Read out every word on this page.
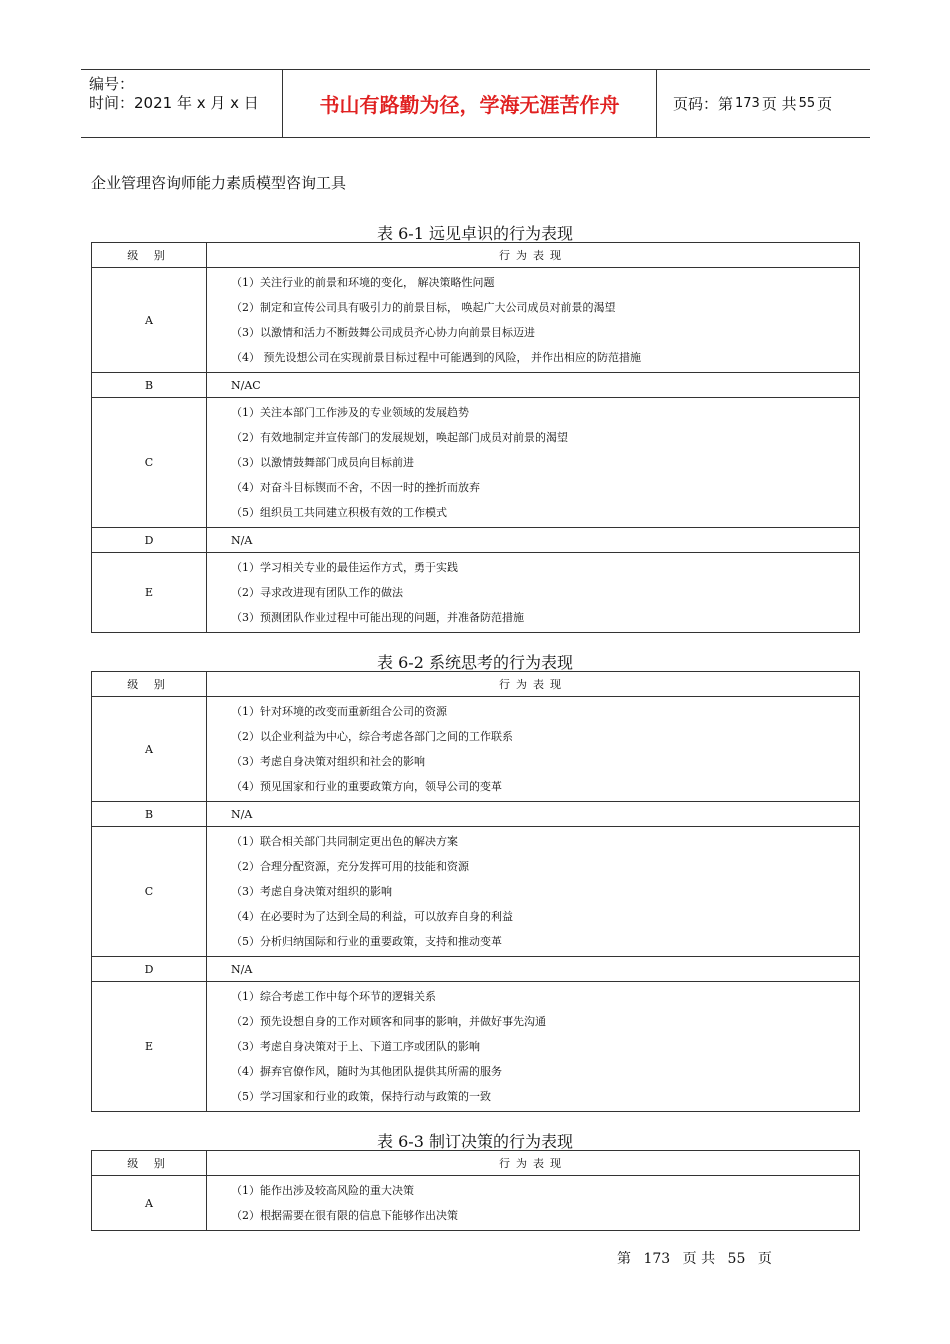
编号：
时间：2021 年 x 月 x 日	书山有路勤为径，学海无涯苦作舟	页码：第 173 页 共 55 页
企业管理咨询师能力素质模型咨询工具
表 6-1 远见卓识的行为表现
级 别	行为表现
A	（1）关注行业的前景和环境的变化， 解决策略性问题
（2）制定和宣传公司具有吸引力的前景目标， 唤起广大公司成员对前景的渴望
（3）以激情和活力不断鼓舞公司成员齐心协力向前景目标迈进
（4） 预先设想公司在实现前景目标过程中可能遇到的风险， 并作出相应的防范措施

B	N/AC
C	（1）关注本部门工作涉及的专业领域的发展趋势
（2）有效地制定并宣传部门的发展规划，唤起部门成员对前景的渴望
（3）以激情鼓舞部门成员向目标前进
（4）对奋斗目标锲而不舍，不因一时的挫折而放弃
（5）组织员工共同建立积极有效的工作模式

D	N/A
E	（1）学习相关专业的最佳运作方式，勇于实践
（2）寻求改进现有团队工作的做法
（3）预测团队作业过程中可能出现的问题，并准备防范措施
表 6-2 系统思考的行为表现
级 别	行为表现
A	（1）针对环境的改变而重新组合公司的资源
（2）以企业利益为中心，综合考虑各部门之间的工作联系
（3）考虑自身决策对组织和社会的影响
（4）预见国家和行业的重要政策方向，领导公司的变革

B	N/A
C	（1）联合相关部门共同制定更出色的解决方案
（2）合理分配资源，充分发挥可用的技能和资源
（3）考虑自身决策对组织的影响
（4）在必要时为了达到全局的利益，可以放弃自身的利益
（5）分析归纳国际和行业的重要政策，支持和推动变革

D	N/A
E	（1）综合考虑工作中每个环节的逻辑关系
（2）预先设想自身的工作对顾客和同事的影响，并做好事先沟通
（3）考虑自身决策对于上、下道工序或团队的影响
（4）摒弃官僚作风，随时为其他团队提供其所需的服务
（5）学习国家和行业的政策，保持行动与政策的一致
表 6-3 制订决策的行为表现
级 别	行为表现
A	（1）能作出涉及较高风险的重大决策
（2）根据需要在很有限的信息下能够作出决策
第 173 页 共 55 页
